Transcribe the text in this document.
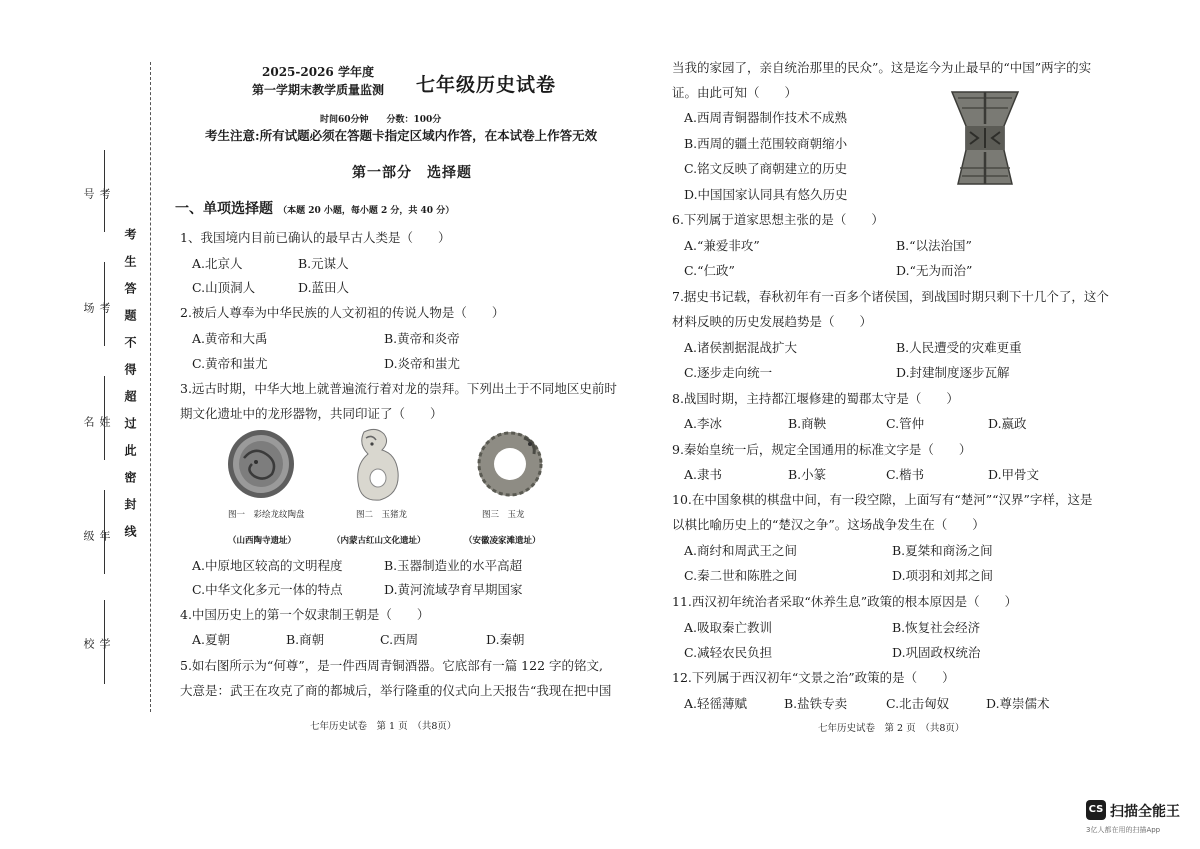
考号
考场
姓名
年级
学校
考生答题不得超过此密封线
2025-2026 学年度
第一学期末教学质量监测 七年级历史试卷
时间60分钟　　分数：100分
考生注意:所有试题必须在答题卡指定区域内作答，在本试卷上作答无效
第一部分　选择题
一、单项选择题 （本题 20 小题，每小题 2 分，共 40 分）
1、我国境内目前已确认的最早古人类是（　　）
A.北京人	B.元谋人
C.山顶洞人	D.蓝田人
2.被后人尊奉为中华民族的人文初祖的传说人物是（　　）
A.黄帝和大禹	B.黄帝和炎帝
C.黄帝和蚩尤	D.炎帝和蚩尤
3.远古时期，中华大地上就普遍流行着对龙的崇拜。下列出土于不同地区史前时
期文化遗址中的龙形器物，共同印证了（　　）
图一　彩绘龙纹陶盘	图二　玉猪龙	图三　玉龙
（山西陶寺遗址）	（内蒙古红山文化遗址）	（安徽凌家滩遗址）
A.中原地区较高的文明程度	B.玉器制造业的水平高超
C.中华文化多元一体的特点	D.黄河流域孕育早期国家
4.中国历史上的第一个奴隶制王朝是（　　）
A.夏朝	B.商朝	C.西周	D.秦朝
5.如右图所示为“何尊”，是一件西周青铜酒器。它底部有一篇 122 字的铭文,
大意是：武王在攻克了商的都城后，举行隆重的仪式向上天报告“我现在把中国
七年历史试卷　第 1 页　（共8页）
当我的家园了，亲自统治那里的民众”。这是迄今为止最早的“中国”两字的实
证。由此可知（　　）
A.西周青铜器制作技术不成熟
B.西周的疆土范围较商朝缩小
C.铭文反映了商朝建立的历史
D.中国国家认同具有悠久历史
6.下列属于道家思想主张的是（　　）
A.“兼爱非攻”	B.“以法治国”
C.“仁政”	D.“无为而治”
7.据史书记载，春秋初年有一百多个诸侯国，到战国时期只剩下十几个了，这个
材料反映的历史发展趋势是（　　）
A.诸侯割据混战扩大	B.人民遭受的灾难更重
C.逐步走向统一	D.封建制度逐步瓦解
8.战国时期，主持都江堰修建的蜀郡太守是（　　）
A.李冰	B.商鞅	C.管仲	D.嬴政
9.秦始皇统一后，规定全国通用的标准文字是（　　）
A.隶书	B.小篆	C.楷书	D.甲骨文
10.在中国象棋的棋盘中间，有一段空隙，上面写有“楚河”“汉界”字样，这是
以棋比喻历史上的“楚汉之争”。这场战争发生在（　　）
A.商纣和周武王之间	B.夏桀和商汤之间
C.秦二世和陈胜之间	D.项羽和刘邦之间
11.西汉初年统治者采取“休养生息”政策的根本原因是（　　）
A.吸取秦亡教训	B.恢复社会经济
C.减轻农民负担	D.巩固政权统治
12.下列属于西汉初年“文景之治”政策的是（　　）
A.轻徭薄赋	B.盐铁专卖	C.北击匈奴	D.尊崇儒术
七年历史试卷　第 2 页　（共8页）
CS 扫描全能王
3亿人都在用的扫描App
